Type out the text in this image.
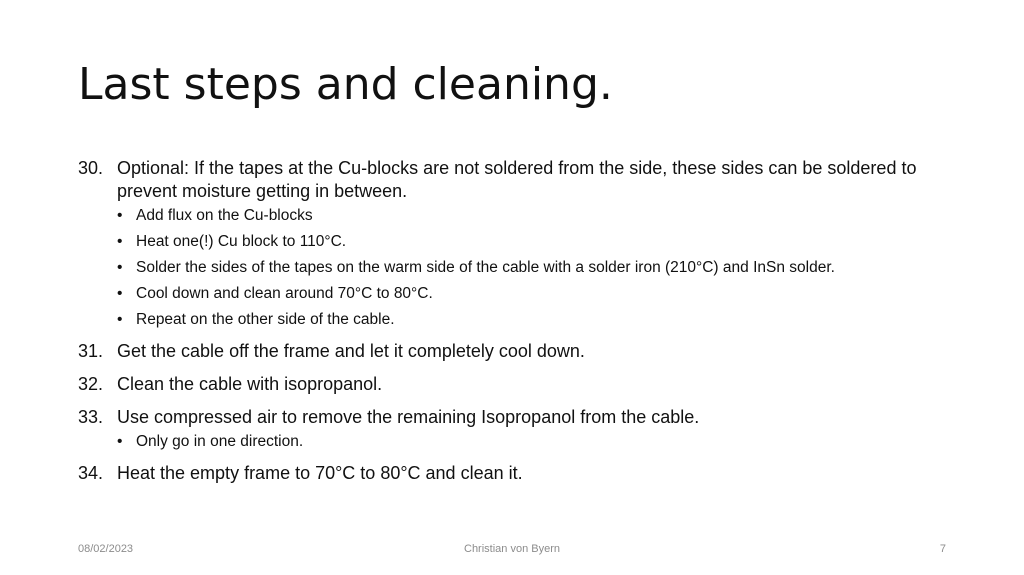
Last steps and cleaning.
30. Optional: If the tapes at the Cu-blocks are not soldered from the side, these sides can be soldered to prevent moisture getting in between.
• Add flux on the Cu-blocks
• Heat one(!) Cu block to 110°C.
• Solder the sides of the tapes on the warm side of the cable with a solder iron (210°C) and InSn solder.
• Cool down and clean around 70°C to 80°C.
• Repeat on the other side of the cable.
31. Get the cable off the frame and let it completely cool down.
32. Clean the cable with isopropanol.
33. Use compressed air to remove the remaining Isopropanol from the cable.
• Only go in one direction.
34. Heat the empty frame to 70°C to 80°C and clean it.
08/02/2023	Christian von Byern	7
